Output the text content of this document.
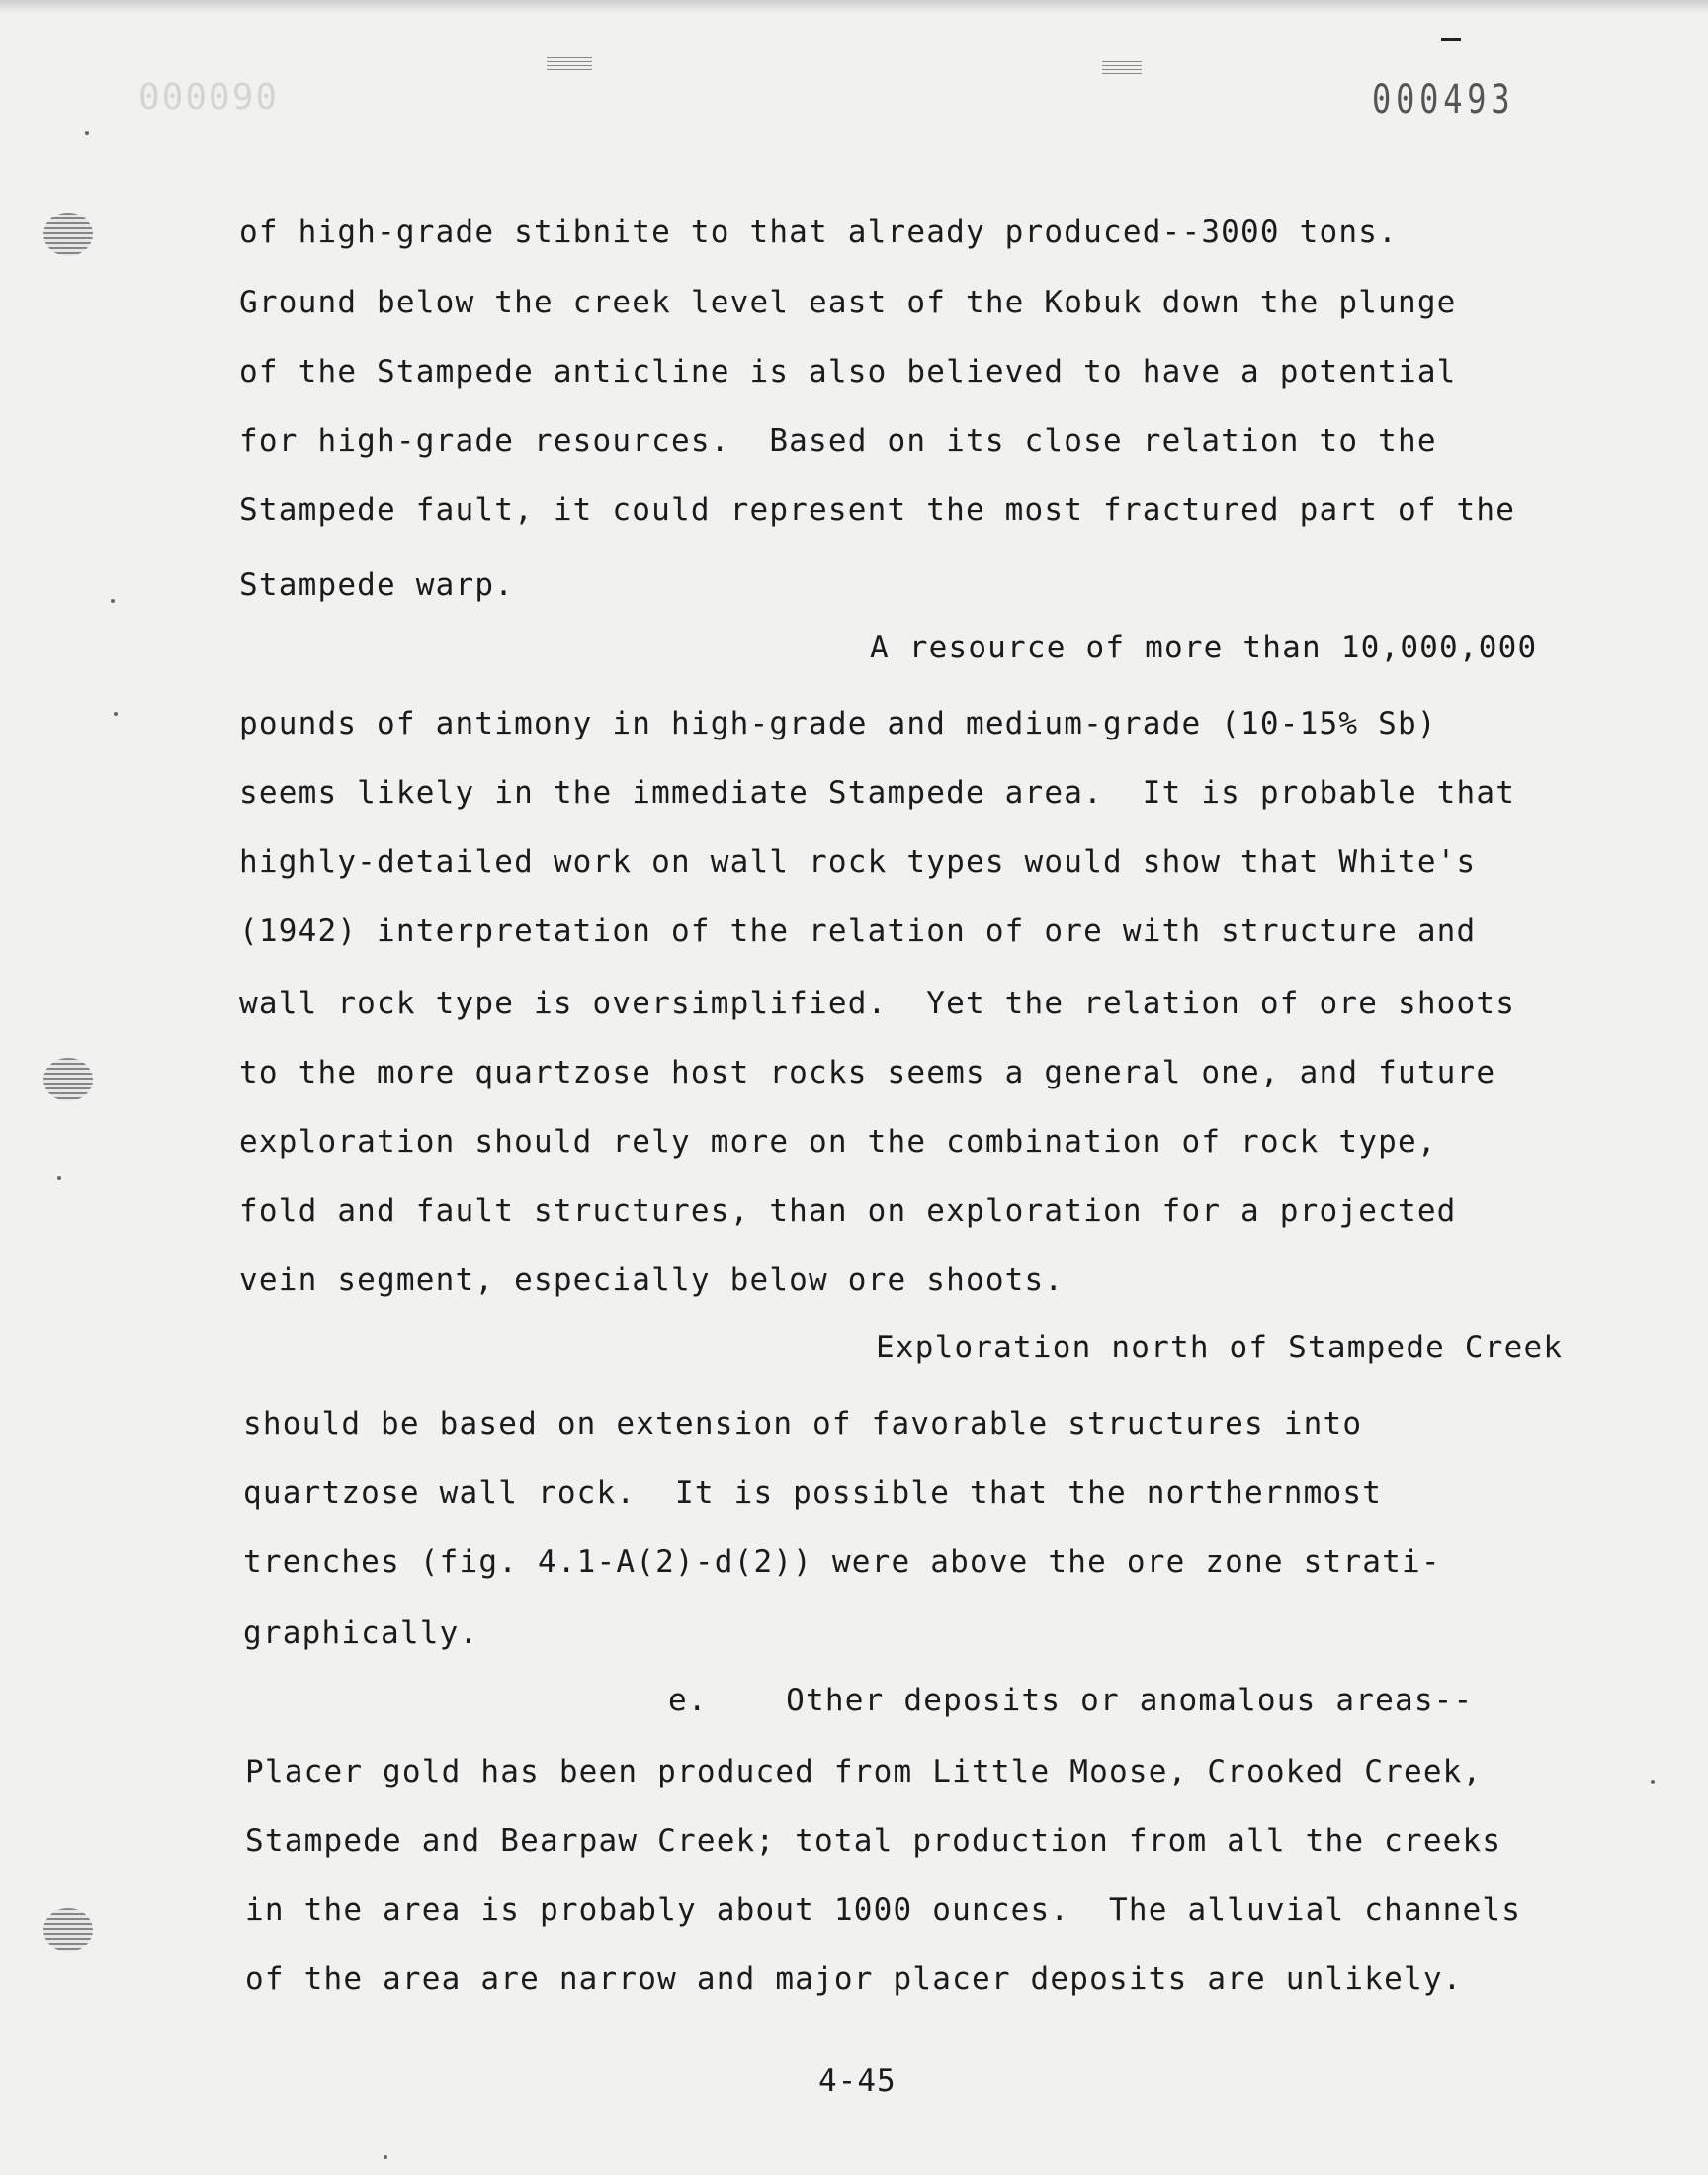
000090	000493
of high-grade stibnite to that already produced--3000 tons.
Ground below the creek level east of the Kobuk down the plunge
of the Stampede anticline is also believed to have a potential
for high-grade resources.  Based on its close relation to the
Stampede fault, it could represent the most fractured part of the
Stampede warp.
A resource of more than 10,000,000
pounds of antimony in high-grade and medium-grade (10-15% Sb)
seems likely in the immediate Stampede area.  It is probable that
highly-detailed work on wall rock types would show that White's
(1942) interpretation of the relation of ore with structure and
wall rock type is oversimplified.  Yet the relation of ore shoots
to the more quartzose host rocks seems a general one, and future
exploration should rely more on the combination of rock type,
fold and fault structures, than on exploration for a projected
vein segment, especially below ore shoots.
Exploration north of Stampede Creek
should be based on extension of favorable structures into
quartzose wall rock.  It is possible that the northernmost
trenches (fig. 4.1-A(2)-d(2)) were above the ore zone strati-
graphically.
e.    Other deposits or anomalous areas--
Placer gold has been produced from Little Moose, Crooked Creek,
Stampede and Bearpaw Creek; total production from all the creeks
in the area is probably about 1000 ounces.  The alluvial channels
of the area are narrow and major placer deposits are unlikely.
4-45
